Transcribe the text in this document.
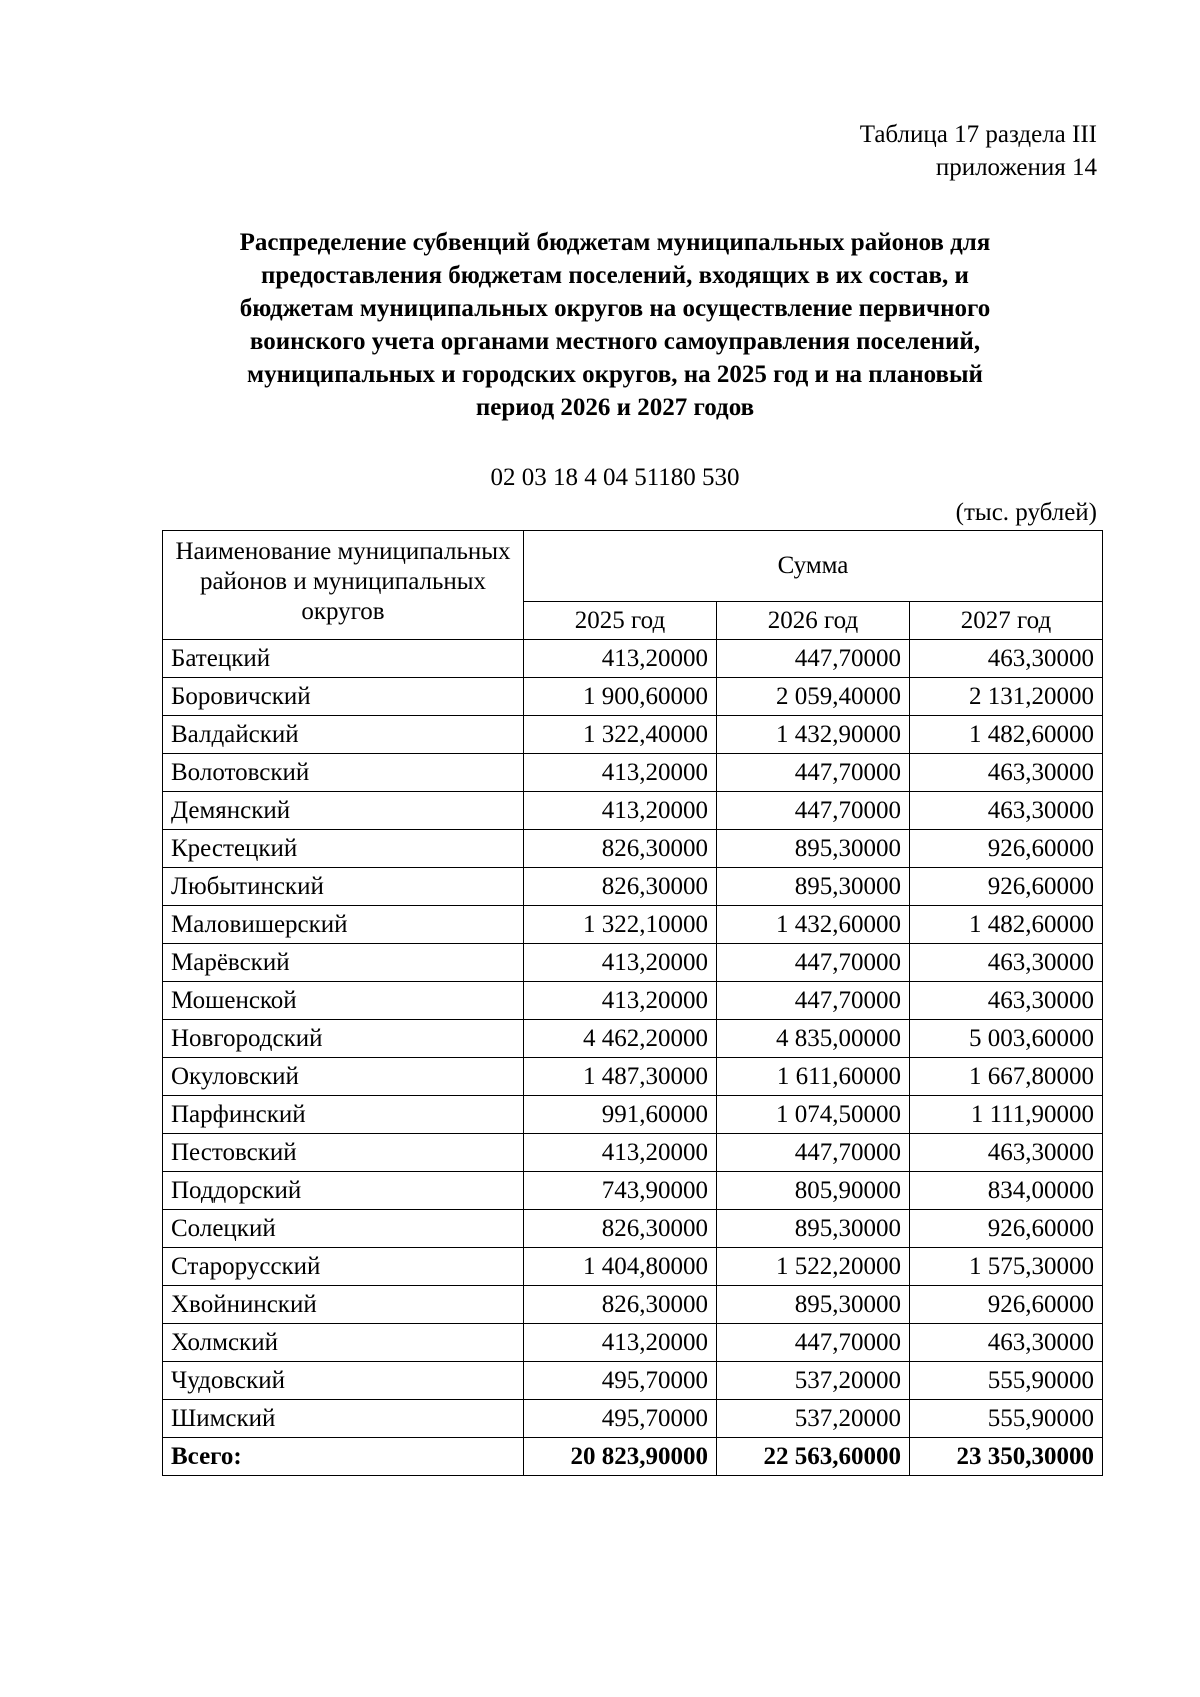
Таблица 17 раздела III
приложения 14
Распределение субвенций бюджетам муниципальных районов для
предоставления бюджетам поселений, входящих в их состав, и
бюджетам муниципальных округов на осуществление первичного
воинского учета органами местного самоуправления поселений,
муниципальных и городских округов, на 2025 год и на плановый
период 2026 и 2027 годов
02 03 18 4 04 51180 530
(тыс. рублей)
Наименование муниципальных районов и муниципальных округов	Сумма		
	2025 год	2026 год	2027 год
Батецкий	413,20000	447,70000	463,30000
Боровичский	1 900,60000	2 059,40000	2 131,20000
Валдайский	1 322,40000	1 432,90000	1 482,60000
Волотовский	413,20000	447,70000	463,30000
Демянский	413,20000	447,70000	463,30000
Крестецкий	826,30000	895,30000	926,60000
Любытинский	826,30000	895,30000	926,60000
Маловишерский	1 322,10000	1 432,60000	1 482,60000
Марёвский	413,20000	447,70000	463,30000
Мошенской	413,20000	447,70000	463,30000
Новгородский	4 462,20000	4 835,00000	5 003,60000
Окуловский	1 487,30000	1 611,60000	1 667,80000
Парфинский	991,60000	1 074,50000	1 111,90000
Пестовский	413,20000	447,70000	463,30000
Поддорский	743,90000	805,90000	834,00000
Солецкий	826,30000	895,30000	926,60000
Старорусский	1 404,80000	1 522,20000	1 575,30000
Хвойнинский	826,30000	895,30000	926,60000
Холмский	413,20000	447,70000	463,30000
Чудовский	495,70000	537,20000	555,90000
Шимский	495,70000	537,20000	555,90000
Всего:	20 823,90000	22 563,60000	23 350,30000
